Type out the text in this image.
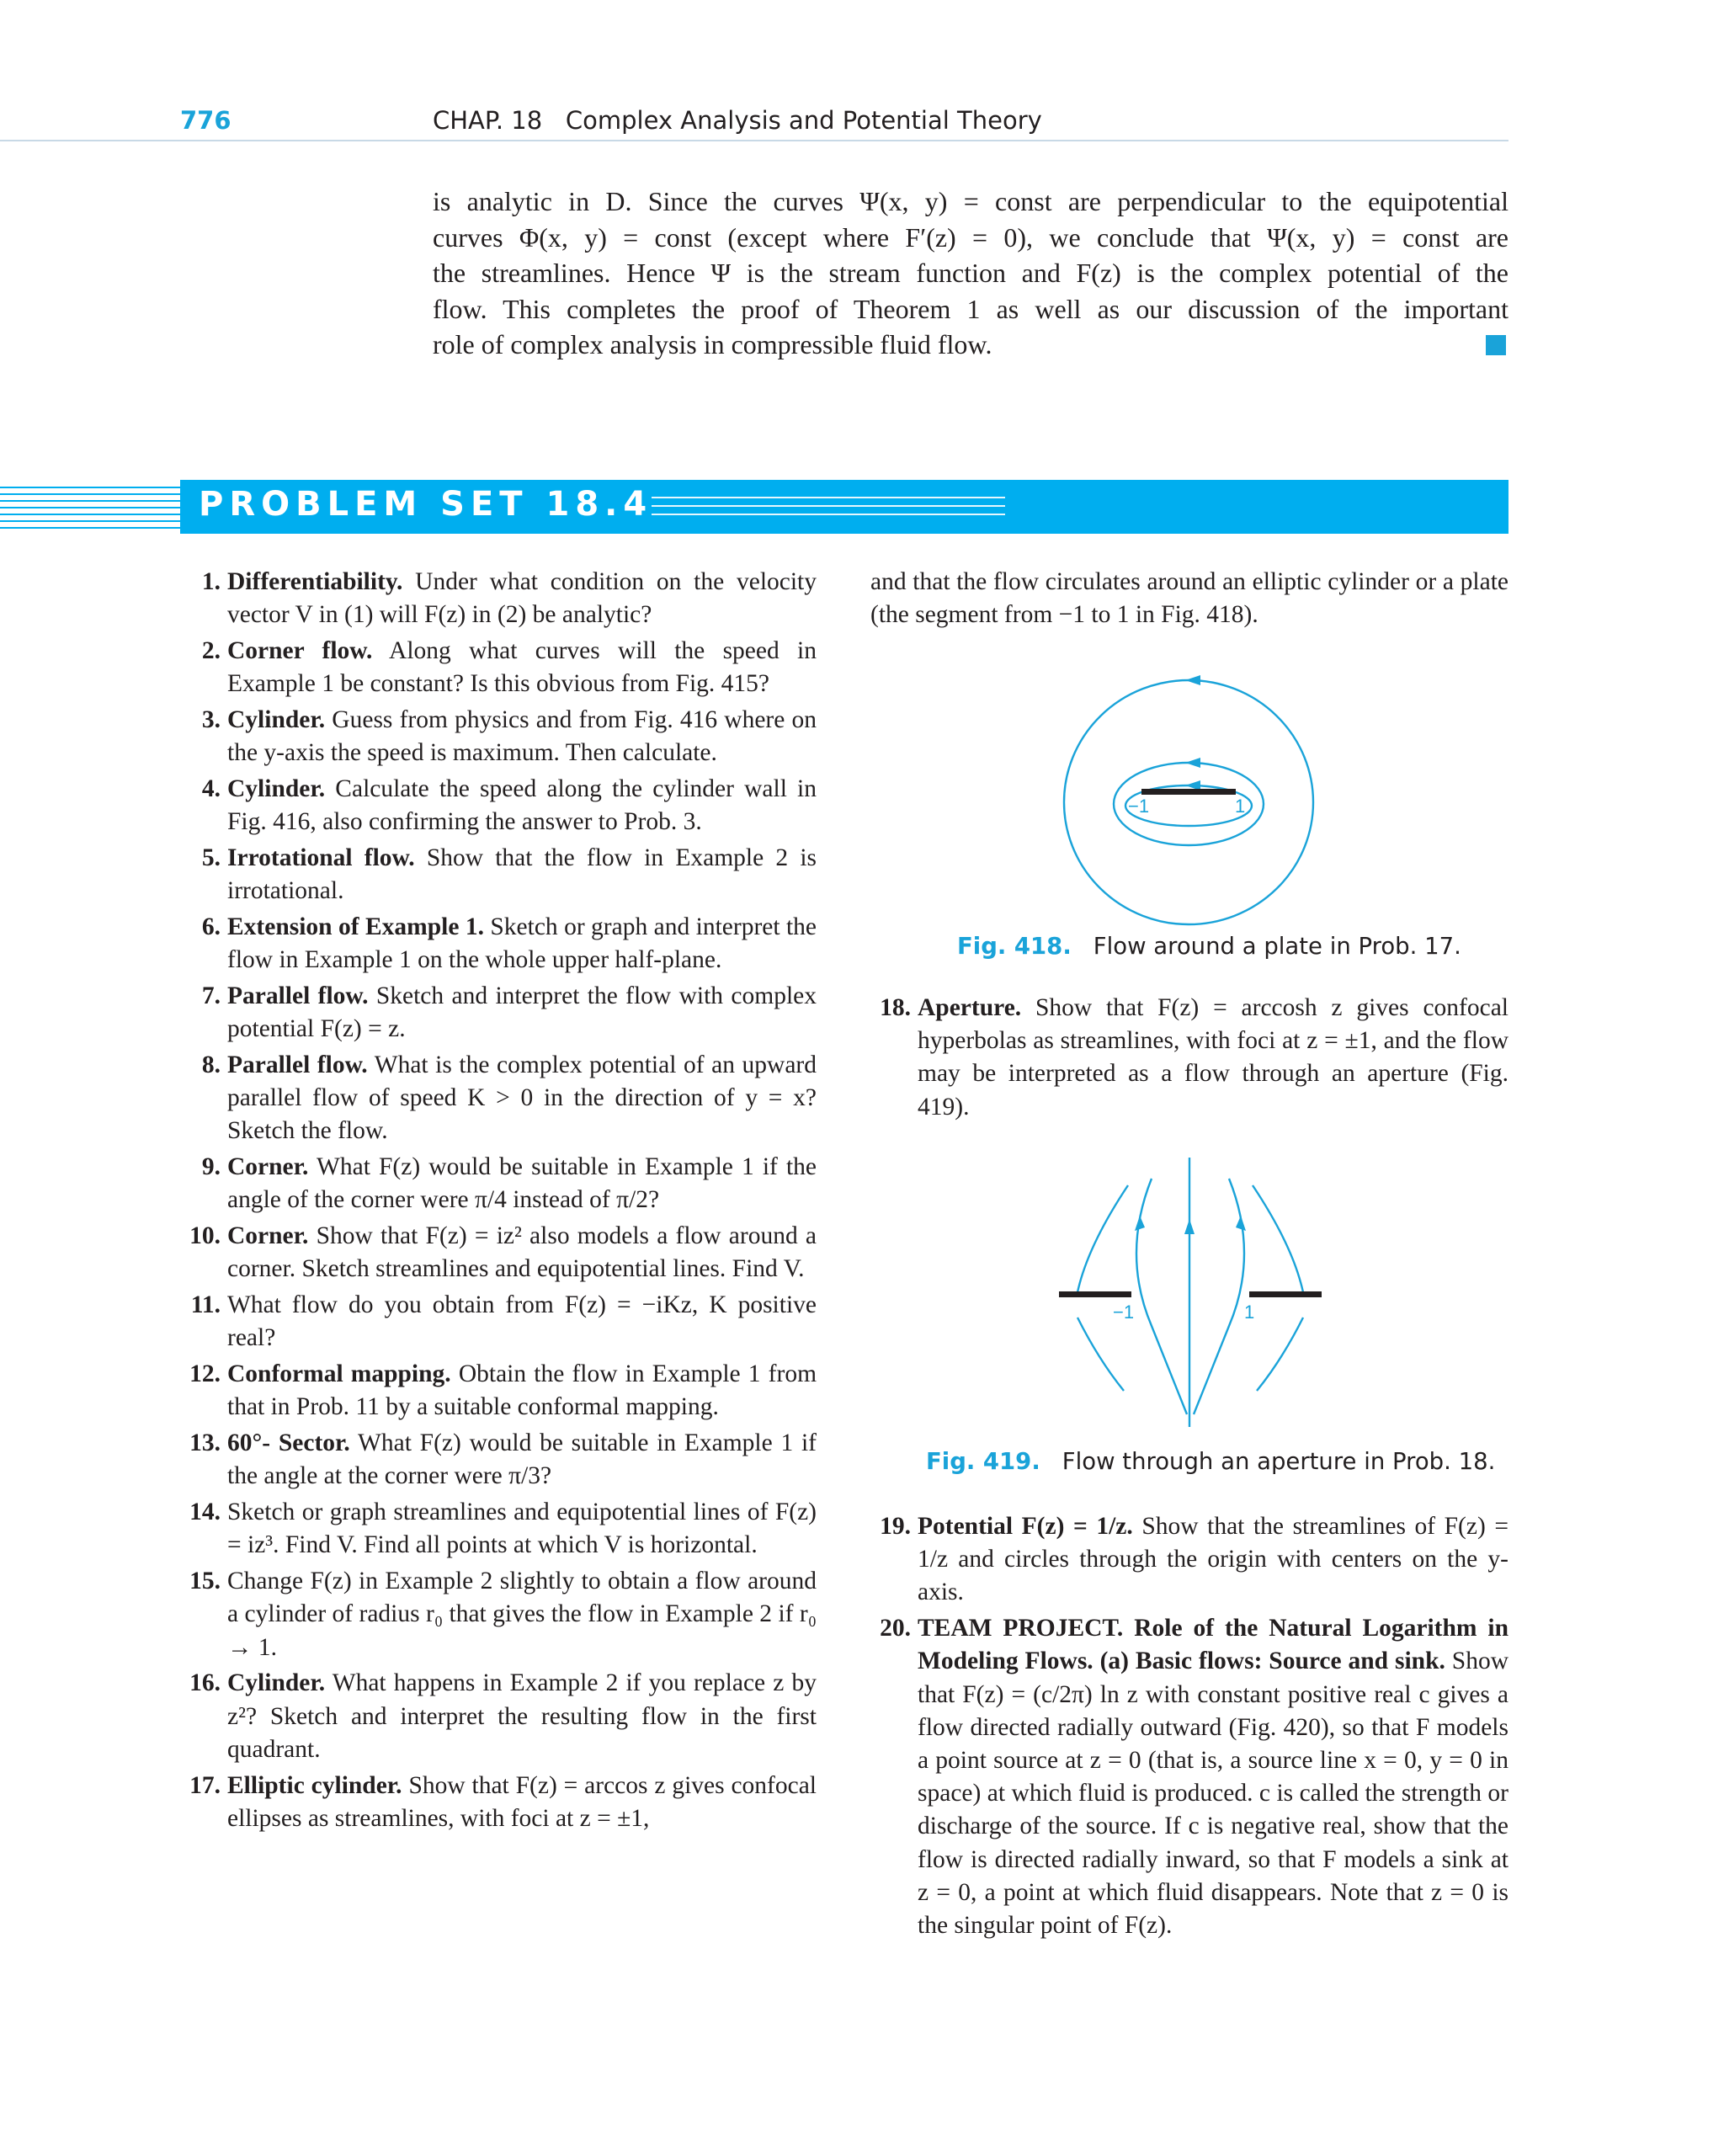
776	CHAP. 18   Complex Analysis and Potential Theory
is analytic in D. Since the curves Ψ(x, y) = const are perpendicular to the equipotential
curves Φ(x, y) = const (except where F′(z) = 0), we conclude that Ψ(x, y) = const are
the streamlines. Hence Ψ is the stream function and F(z) is the complex potential of the
flow. This completes the proof of Theorem 1 as well as our discussion of the important
role of complex analysis in compressible fluid flow.
PROBLEM SET 18.4
1. Differentiability. Under what condition on the velocity vector V in (1) will F(z) in (2) be analytic?
2. Corner flow. Along what curves will the speed in Example 1 be constant? Is this obvious from Fig. 415?
3. Cylinder. Guess from physics and from Fig. 416 where on the y-axis the speed is maximum. Then calculate.
4. Cylinder. Calculate the speed along the cylinder wall in Fig. 416, also confirming the answer to Prob. 3.
5. Irrotational flow. Show that the flow in Example 2 is irrotational.
6. Extension of Example 1. Sketch or graph and interpret the flow in Example 1 on the whole upper half-plane.
7. Parallel flow. Sketch and interpret the flow with complex potential F(z) = z.
8. Parallel flow. What is the complex potential of an upward parallel flow of speed K > 0 in the direction of y = x? Sketch the flow.
9. Corner. What F(z) would be suitable in Example 1 if the angle of the corner were π/4 instead of π/2?
10. Corner. Show that F(z) = iz² also models a flow around a corner. Sketch streamlines and equipotential lines. Find V.
11. What flow do you obtain from F(z) = −iKz, K positive real?
12. Conformal mapping. Obtain the flow in Example 1 from that in Prob. 11 by a suitable conformal mapping.
13. 60°- Sector. What F(z) would be suitable in Example 1 if the angle at the corner were π/3?
14. Sketch or graph streamlines and equipotential lines of F(z) = iz³. Find V. Find all points at which V is horizontal.
15. Change F(z) in Example 2 slightly to obtain a flow around a cylinder of radius r₀ that gives the flow in Example 2 if r₀ → 1.
16. Cylinder. What happens in Example 2 if you replace z by z²? Sketch and interpret the resulting flow in the first quadrant.
17. Elliptic cylinder. Show that F(z) = arccos z gives confocal ellipses as streamlines, with foci at z = ±1,
and that the flow circulates around an elliptic cylinder or a plate (the segment from −1 to 1 in Fig. 418).
−1	1
Fig. 418. Flow around a plate in Prob. 17.
18. Aperture. Show that F(z) = arccosh z gives confocal hyperbolas as streamlines, with foci at z = ±1, and the flow may be interpreted as a flow through an aperture (Fig. 419).
−1	1
Fig. 419. Flow through an aperture in Prob. 18.
19. Potential F(z) = 1/z. Show that the streamlines of F(z) = 1/z and circles through the origin with centers on the y-axis.
20. TEAM PROJECT. Role of the Natural Logarithm in Modeling Flows. (a) Basic flows: Source and sink. Show that F(z) = (c/2π) ln z with constant positive real c gives a flow directed radially outward (Fig. 420), so that F models a point source at z = 0 (that is, a source line x = 0, y = 0 in space) at which fluid is produced. c is called the strength or discharge of the source. If c is negative real, show that the flow is directed radially inward, so that F models a sink at z = 0, a point at which fluid disappears. Note that z = 0 is the singular point of F(z).
